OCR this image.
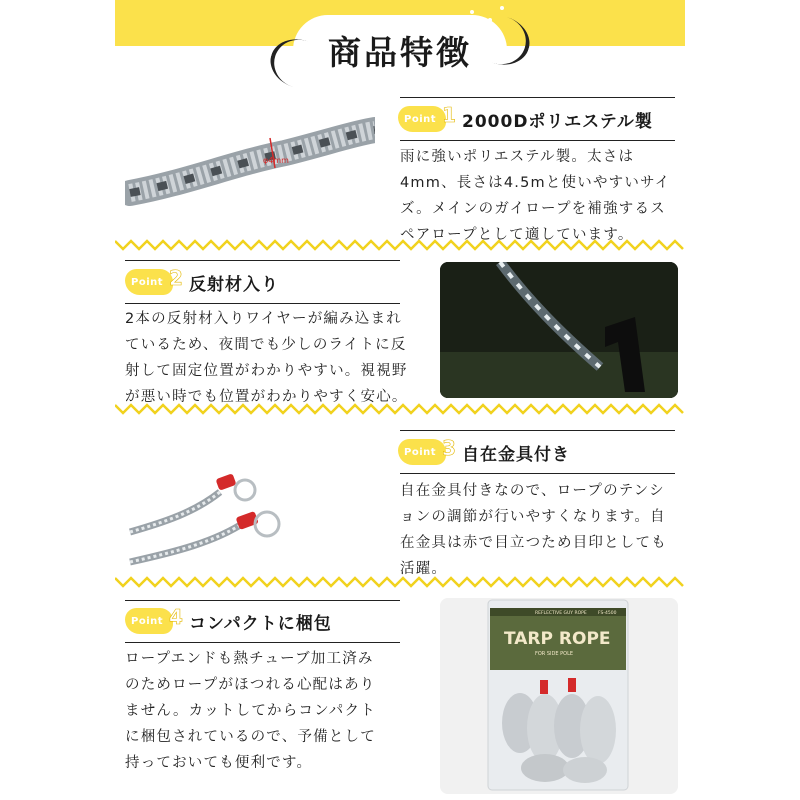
商品特徴
φ4mm
Point 1 2000Dポリエステル製
雨に強いポリエステル製。太さは
4mm、長さは4.5mと使いやすいサイ
ズ。メインのガイロープを補強するス
ペアロープとして適しています。
Point 2 反射材入り
2本の反射材入りワイヤーが編み込まれ
ているため、夜間でも少しのライトに反
射して固定位置がわかりやすい。視視野
が悪い時でも位置がわかりやすく安心。
Point 3 自在金具付き
自在金具付きなので、ロープのテンシ
ョンの調節が行いやすくなります。自
在金具は赤で目立つため目印としても
活躍。
Point 4 コンパクトに梱包
ロープエンドも熱チューブ加工済み
のためロープがほつれる心配はあり
ません。カットしてからコンパクト
に梱包されているので、予備として
持っておいても便利です。
REFLECTIVE GUY ROPE	FS-4500
TARP ROPE
FOR SIDE POLE
